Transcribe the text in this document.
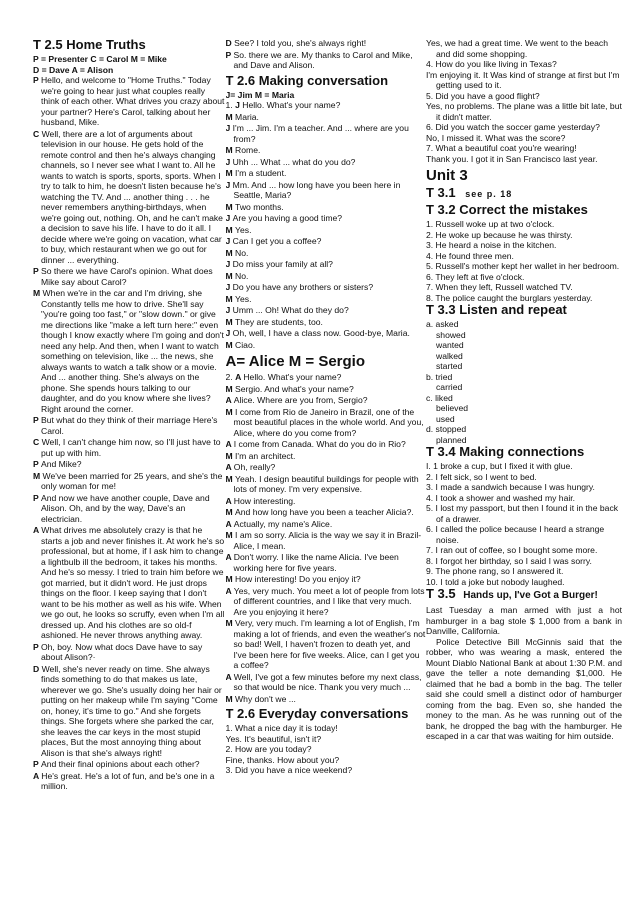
T 2.5 Home Truths
P = Presenter C = Carol M = Mike
D = Dave A = Alison
P Hello, and welcome to "Home Truths." Today we're going to hear just what couples really think of each other. What drives you crazy about your partner? Here's Carol, talking about her husband, Mike.
C Well, there are a lot of arguments about television in our house. He gets hold of the remote control and then he's always changing channels, so I never see what I want to. All he wants to watch is sports, sports, sports. When I try to talk to him, he doesn't listen because he's watching the TV. And ... another thing . . . he never remembers anything-birthdays, when we're going out, nothing. Oh, and he can't make a decision to save his life. I have to do it all. I decide where we're going on vacation, what car to buy, which restaurant when we go out for dinner ... everything.
P So there we have Carol's opinion. What does Mike say about Carol?
M When we're in the car and I'm driving, she Constantly tells me how to drive. She'll say "you're going too fast," or "slow down." or give me directions like "make a left turn here:" even though I know exactly where I'm going and don't need any help. And then, when I want to watch something on television, like ... the news, she always wants to watch a talk show or a movie. And ... another thing. She's always on the phone. She spends hours talking to our daughter, and do you know where she lives? Right around the corner.
P But what do they think of their marriage Here's Carol.
C Well, I can't change him now, so I'll just have to put up with him.
P And Mike?
M We've been married for 25 years, and she's the only woman for me!
P And now we have another couple, Dave and Alison. Oh, and by the way, Dave's an electrician.
A What drives me absolutely crazy is that he starts a job and never finishes it. At work he's so professional, but at home, if I ask him to change a lightbulb ill the bedroom, it takes his months. And he's so messy. I tried to train him before we got married, but it didn't word. He just drops things on the floor. I keep saying that I don't want to be his mother as well as his wife. When we go out, he looks so scruffy, even when I'm all dressed up. And his clothes are so old-f ashioned. He never throws anything away.
P Oh, boy. Now what docs Dave have to say about Alison?·
D Well, she's never ready on time. She always finds something to do that makes us late, wherever we go. She's usually doing her hair or putting on her makeup while I'm saying "Come on, honey, it's time to go." And she forgets things. She forgets where she parked the car, she leaves the car keys in the most stupid places, But the most annoying thing about Alison is that she's always right!
P And their final opinions about each other?
A He's great. He's a lot of fun, and be's one in a million.
D See? I told you, she's always right!
P So. there we are. My thanks to Carol and Mike, and Dave and Alison.
T 2.6 Making conversation
J= Jim M = Maria
1. J Hello. What's your name?
M Maria.
J I'm ... Jim. I'm a teacher. And ... where are you from?
M Rome.
J Uhh ... What ... what do you do?
M I'm a student.
J Mm. And ... how long have you been here in Seattle, Maria?
M Two months.
J Are you having a good time?
M Yes.
J Can I get you a coffee?
M No.
J Do miss your family at all?
M No.
J Do you have any brothers or sisters?
M Yes.
J Umm ... Oh! What do they do?
M They are students, too.
J Oh, well, I have a class now. Good-bye, Maria.
M Ciao.
A= Alice M = Sergio
2. A Hello. What's your name?
M Sergio. And what's your name?
A Alice. Where are you from, Sergio?
M I come from Rio de Janeiro in Brazil, one of the most beautiful places in the whole world. And you, Alice, where do you come from?
A I come from Canada. What do you do in Rio?
M I'm an architect.
A Oh, really?
M Yeah. I design beautiful buildings for people with lots of money. I'm very expensive.
A How interesting.
M And how long have you been a teacher Alicia?.
A Actually, my name's Alice.
M I am so sorry. Alicia is the way we say it in Brazil- Alice, I mean.
A Don't worry. I like the name Alicia. I've been working here for five years.
M How interesting! Do you enjoy it?
A Yes, very much. You meet a lot of people from lots of different countries, and I like that very much. Are you enjoying it here?
M Very, very much. I'm learning a lot of English, I'm making a lot of friends, and even the weather's not so bad! Well, I haven't frozen to death yet, and I've been here for five weeks. Alice, can I get you a coffee?
A Well, I've got a few minutes before my next class, so that would be nice. Thank you very much ...
M Why don't we ...
T 2.6 Everyday conversations
1. What a nice day it is today!
Yes. It's beautiful, isn't it?
2. How are you today?
Fine, thanks. How about you?
3. Did you have a nice weekend?
Yes, we had a great time. We went to the beach and did some shopping.
4. How do you like living in Texas?
I'm enjoying it. It Was kind of strange at first but I'm getting used to it.
5. Did you have a good flight?
Yes, no problems. The plane was a little bit late, but it didn't matter.
6. Did you watch the soccer game yesterday?
No, I missed it. What was the score?
7. What a beautiful coat you're wearing!
Thank you. I got it in San Francisco last year.
Unit 3
T 3.1 see p. 18
T 3.2 Correct the mistakes
1. Russell woke up at two o'clock.
2. He woke up because he was thirsty.
3. He heard a noise in the kitchen.
4. He found three men.
5. Russell's mother kept her wallet in her bedroom.
6. They left at five o'clock.
7. When they left, Russell watched TV.
8. The police caught the burglars yesterday.
T 3.3 Listen and repeat
a. asked
showed
wanted
walked
started
b. tried
carried
c. liked
believed
used
d. stopped
planned
T 3.4 Making connections
I. 1 broke a cup, but I fixed it with glue.
2. I felt sick, so I went to bed.
3. I made a sandwich because I was hungry.
4. I took a shower and washed my hair.
5. I lost my passport, but then I found it in the back of a drawer.
6. I called the police because I heard a strange noise.
7. I ran out of coffee, so I bought some more.
8. I forgot her birthday, so I said I was sorry.
9. The phone rang, so I answered it.
10. I told a joke but nobody laughed.
T 3.5 Hands up, I've Got a Burger!
Last Tuesday a man armed with just a hot hamburger in a bag stole $ 1,000 from a bank in Danville, California.
Police Detective Bill McGinnis said that the robber, who was wearing a mask, entered the Mount Diablo National Bank at about 1:30 P.M. and gave the teller a note demanding $1,000. He claimed that he bad a bomb in the bag. The teller said she could smell a distinct odor of hamburger coming from the bag. Even so, she handed the money to the man. As he was running out of the bank, he dropped the bag with the hamburger. He escaped in a car that was waiting for him outside.
